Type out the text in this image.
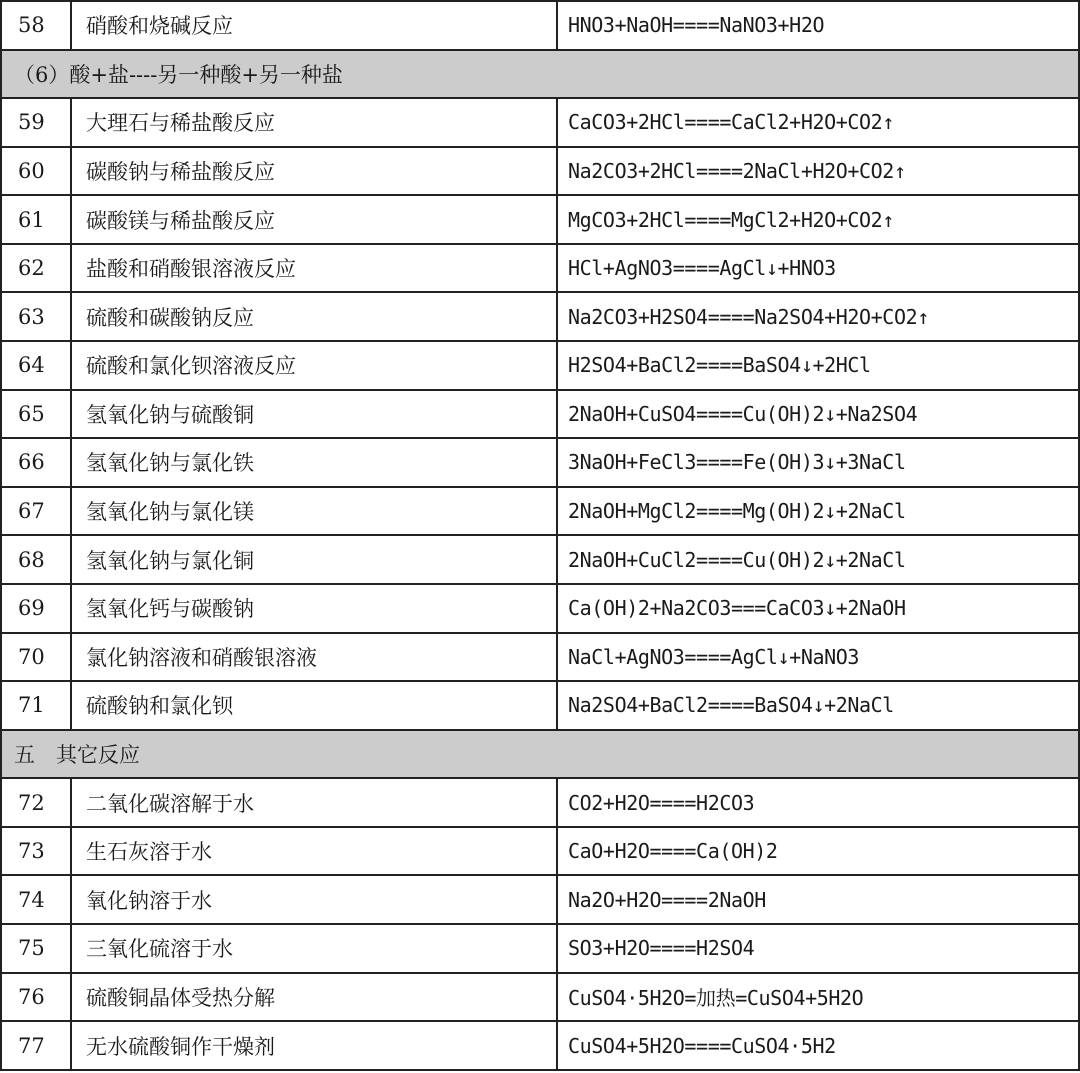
58	硝酸和烧碱反应	HNO3+NaOH====NaNO3+H2O
（6）酸+盐----另一种酸+另一种盐		
59	大理石与稀盐酸反应	CaCO3+2HCl====CaCl2+H2O+CO2↑
60	碳酸钠与稀盐酸反应	Na2CO3+2HCl====2NaCl+H2O+CO2↑
61	碳酸镁与稀盐酸反应	MgCO3+2HCl====MgCl2+H2O+CO2↑
62	盐酸和硝酸银溶液反应	HCl+AgNO3====AgCl↓+HNO3
63	硫酸和碳酸钠反应	Na2CO3+H2SO4====Na2SO4+H2O+CO2↑
64	硫酸和氯化钡溶液反应	H2SO4+BaCl2====BaSO4↓+2HCl
65	氢氧化钠与硫酸铜	2NaOH+CuSO4====Cu(OH)2↓+Na2SO4
66	氢氧化钠与氯化铁	3NaOH+FeCl3====Fe(OH)3↓+3NaCl
67	氢氧化钠与氯化镁	2NaOH+MgCl2====Mg(OH)2↓+2NaCl
68	氢氧化钠与氯化铜	2NaOH+CuCl2====Cu(OH)2↓+2NaCl
69	氢氧化钙与碳酸钠	Ca(OH)2+Na2CO3===CaCO3↓+2NaOH
70	氯化钠溶液和硝酸银溶液	NaCl+AgNO3====AgCl↓+NaNO3
71	硫酸钠和氯化钡	Na2SO4+BaCl2====BaSO4↓+2NaCl
五　其它反应		
72	二氧化碳溶解于水	CO2+H2O====H2CO3
73	生石灰溶于水	CaO+H2O====Ca(OH)2
74	氧化钠溶于水	Na2O+H2O====2NaOH
75	三氧化硫溶于水	SO3+H2O====H2SO4
76	硫酸铜晶体受热分解	CuSO4·5H2O=加热=CuSO4+5H2O
77	无水硫酸铜作干燥剂	CuSO4+5H2O====CuSO4·5H2
